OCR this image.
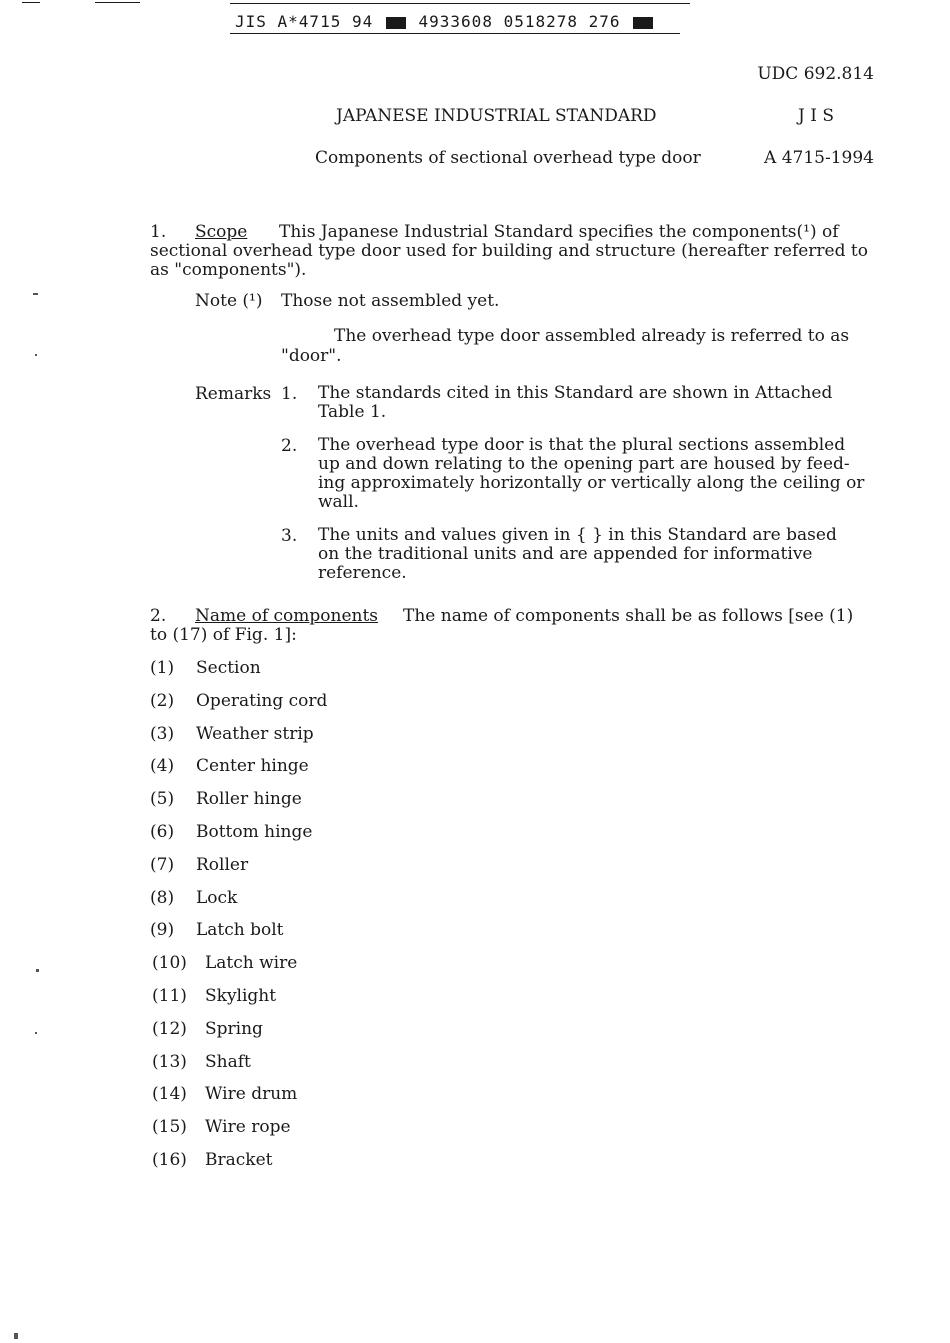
JIS A*4715 94	4933608 0518278 276
UDC 692.814
JAPANESE INDUSTRIAL STANDARD	J I S
Components of sectional overhead type door	A 4715-1994
1. Scope This Japanese Industrial Standard specifies the components(¹) of
sectional overhead type door used for building and structure (hereafter referred to
as "components").
Note (¹) Those not assembled yet.
The overhead type door assembled already is referred to as
"door".
Remarks 1. The standards cited in this Standard are shown in Attached
Table 1.
2. The overhead type door is that the plural sections assembled
up and down relating to the opening part are housed by feed-
ing approximately horizontally or vertically along the ceiling or
wall.
3. The units and values given in { } in this Standard are based
on the traditional units and are appended for informative
reference.
2. Name of components The name of components shall be as follows [see (1)
to (17) of Fig. 1]:
(1) Section
(2) Operating cord
(3) Weather strip
(4) Center hinge
(5) Roller hinge
(6) Bottom hinge
(7) Roller
(8) Lock
(9) Latch bolt
(10) Latch wire
(11) Skylight
(12) Spring
(13) Shaft
(14) Wire drum
(15) Wire rope
(16) Bracket
